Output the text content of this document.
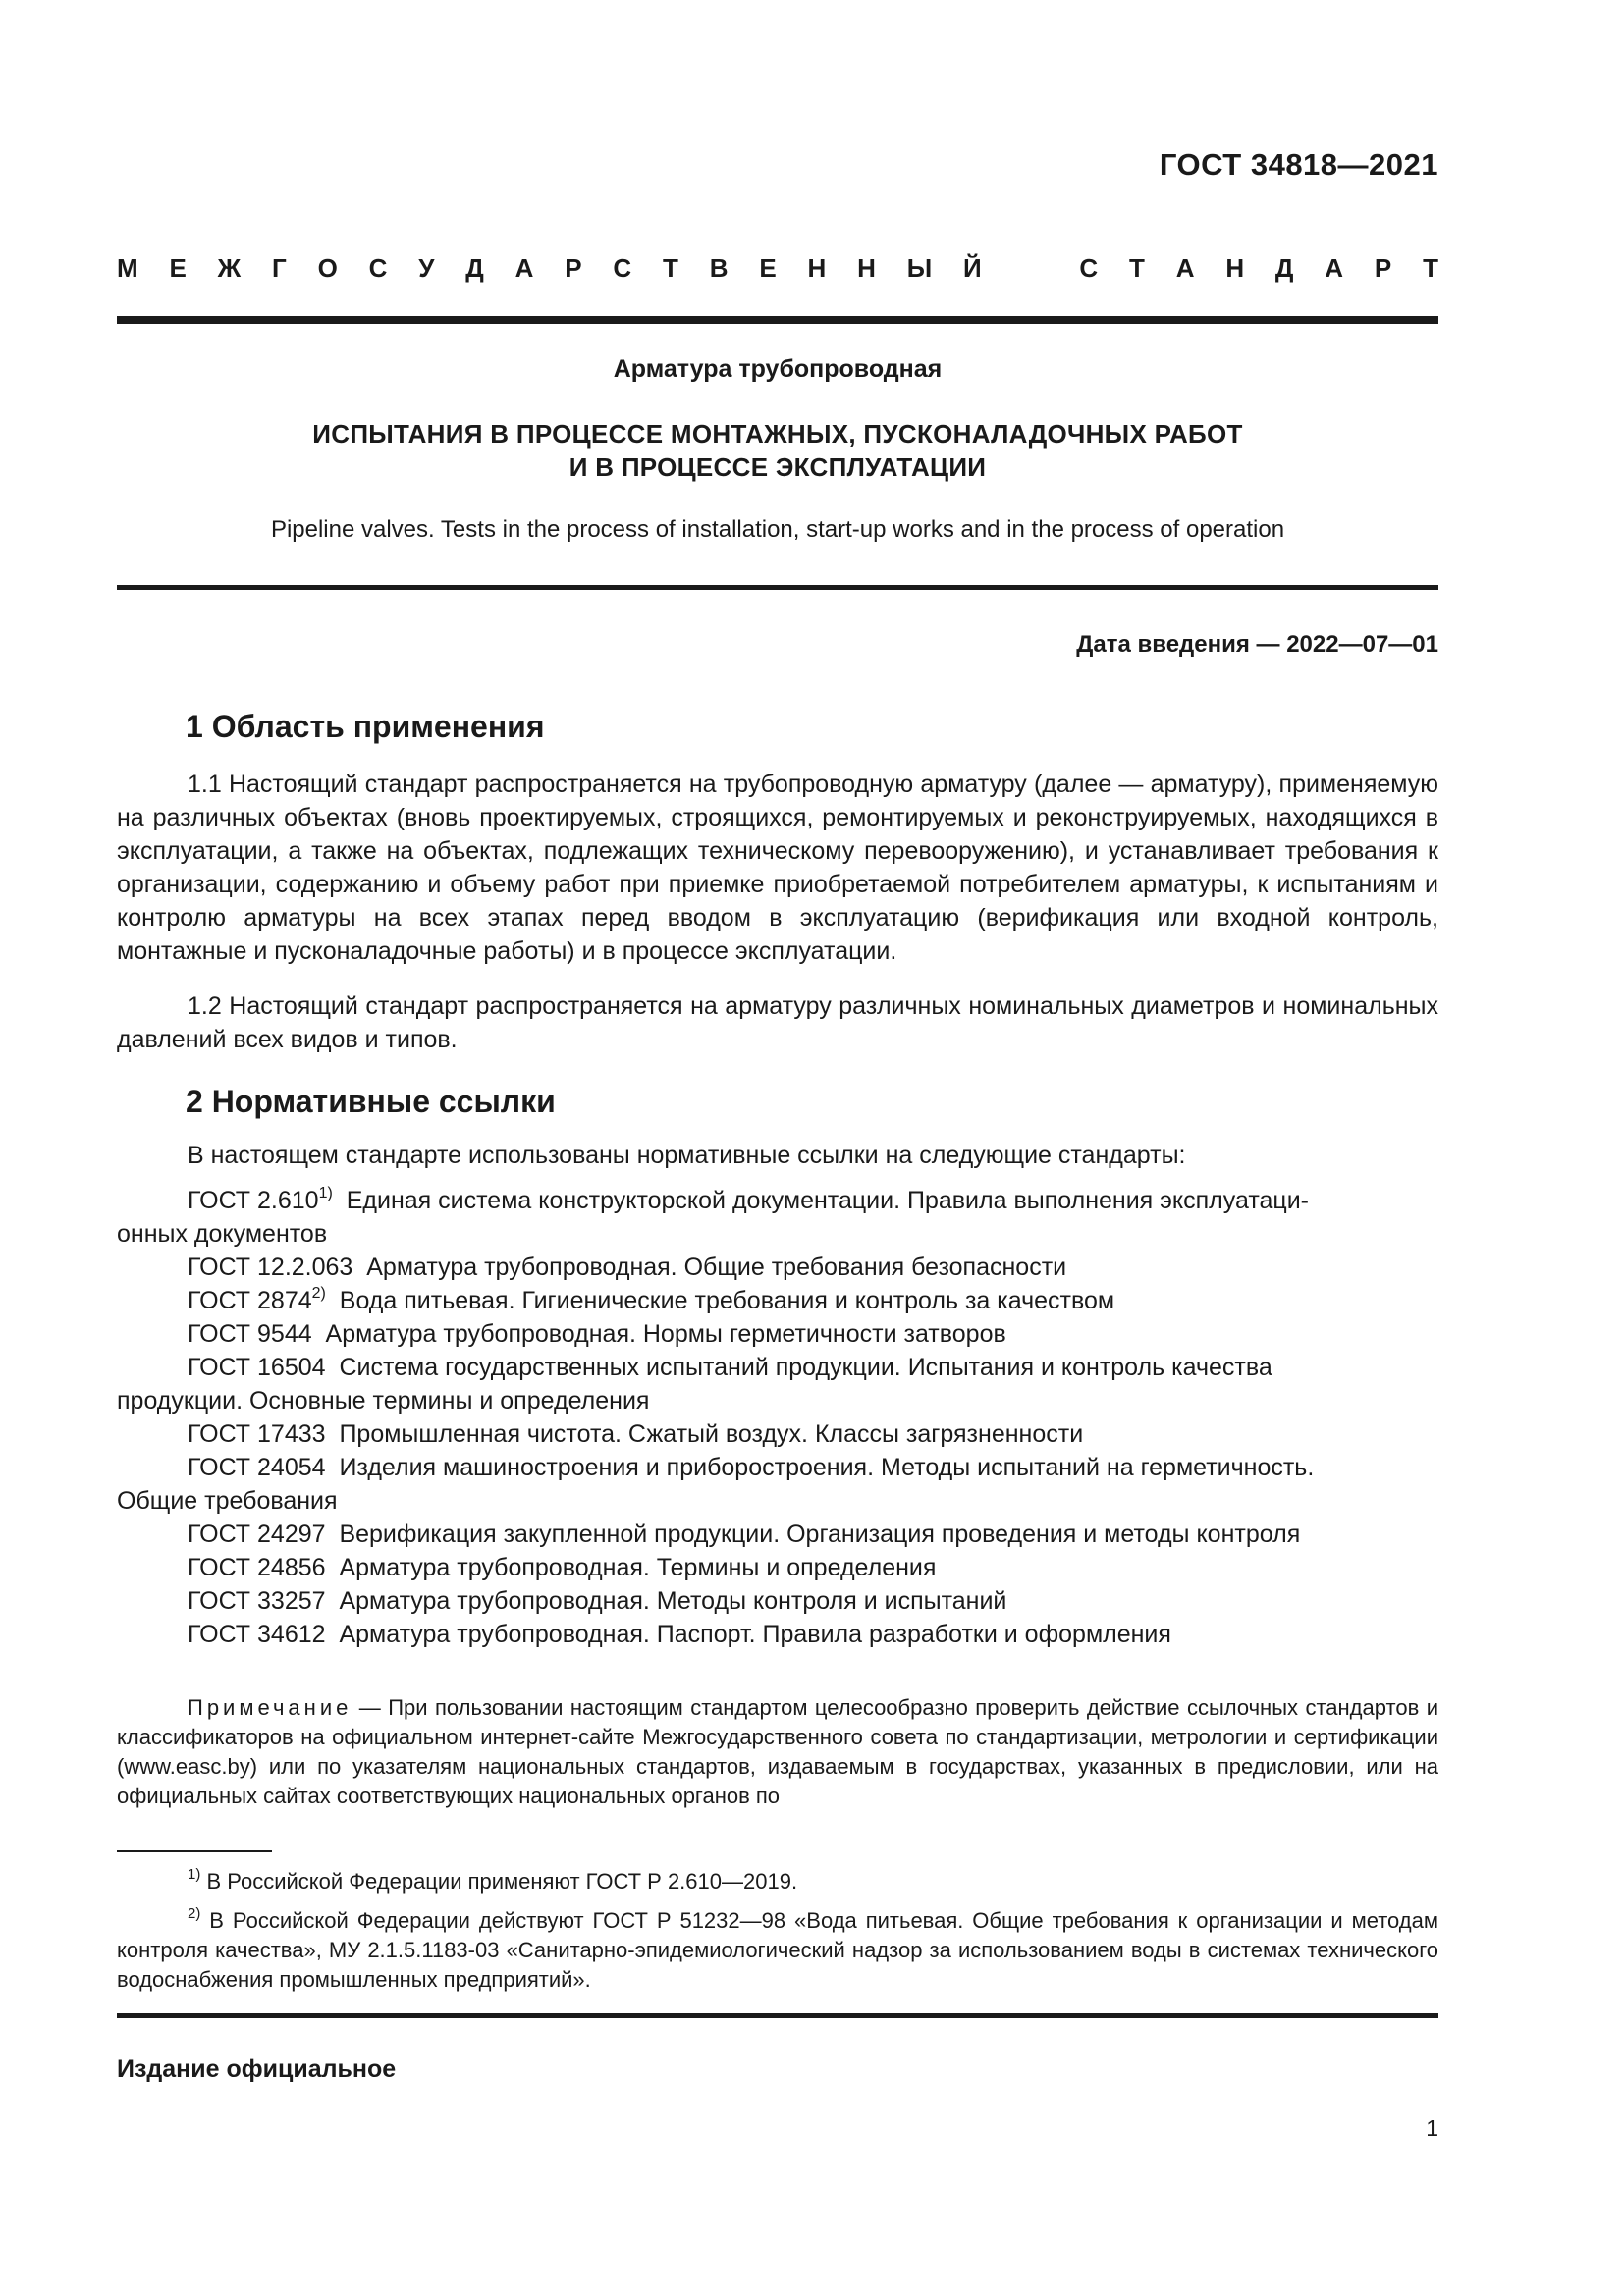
ГОСТ 34818—2021
М Е Ж Г О С У Д А Р С Т В Е Н Н Ы Й	С Т А Н Д А Р Т
Арматура трубопроводная
ИСПЫТАНИЯ В ПРОЦЕССЕ МОНТАЖНЫХ, ПУСКОНАЛАДОЧНЫХ РАБОТ
И В ПРОЦЕССЕ ЭКСПЛУАТАЦИИ
Pipeline valves. Tests in the process of installation, start-up works and in the process of operation
Дата введения — 2022—07—01
1 Область применения

1.1 Настоящий стандарт распространяется на трубопроводную арматуру (далее — арматуру), применяемую на различных объектах (вновь проектируемых, строящихся, ремонтируемых и реконструируемых, находящихся в эксплуатации, а также на объектах, подлежащих техническому перевооружению), и устанавливает требования к организации, содержанию и объему работ при приемке приобретаемой потребителем арматуры, к испытаниям и контролю арматуры на всех этапах перед вводом в эксплуатацию (верификация или входной контроль, монтажные и пусконаладочные работы) и в процессе эксплуатации.

1.2 Настоящий стандарт распространяется на арматуру различных номинальных диаметров и номинальных давлений всех видов и типов.

2 Нормативные ссылки

В настоящем стандарте использованы нормативные ссылки на следующие стандарты:

ГОСТ 2.610$^{1)}$ Единая система конструкторской документации. Правила выполнения эксплуатаци-

онных документов

ГОСТ 12.2.063 Арматура трубопроводная. Общие требования безопасности

ГОСТ 2874$^{2)}$ Вода питьевая. Гигиенические требования и контроль за качеством

ГОСТ 9544 Арматура трубопроводная. Нормы герметичности затворов

ГОСТ 16504 Система государственных испытаний продукции. Испытания и контроль качества

продукции. Основные термины и определения

ГОСТ 17433 Промышленная чистота. Сжатый воздух. Классы загрязненности

ГОСТ 24054 Изделия машиностроения и приборостроения. Методы испытаний на герметичность.

Общие требования

ГОСТ 24297 Верификация закупленной продукции. Организация проведения и методы контроля

ГОСТ 24856 Арматура трубопроводная. Термины и определения

ГОСТ 33257 Арматура трубопроводная. Методы контроля и испытаний

ГОСТ 34612 Арматура трубопроводная. Паспорт. Правила разработки и оформления

Примечание — При пользовании настоящим стандартом целесообразно проверить действие ссылочных стандартов и классификаторов на официальном интернет-сайте Межгосударственного совета по стандартизации, метрологии и сертификации (www.easc.by) или по указателям национальных стандартов, издаваемым в государствах, указанных в предисловии, или на официальных сайтах соответствующих национальных органов по

$^{1)}$ В Российской Федерации применяют ГОСТ Р 2.610—2019.

$^{2)}$ В Российской Федерации действуют ГОСТ Р 51232—98 «Вода питьевая. Общие требования к организации и методам контроля качества», МУ 2.1.5.1183-03 «Санитарно-эпидемиологический надзор за использованием воды в системах технического водоснабжения промышленных предприятий».

Издание официальное
1
